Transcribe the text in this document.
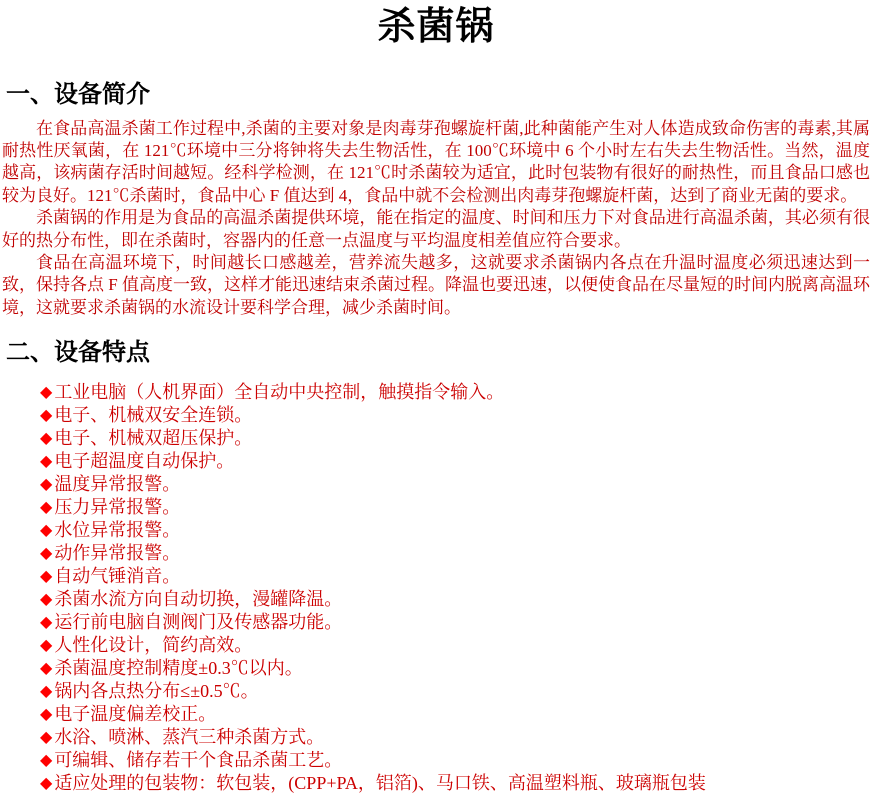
杀菌锅
一、设备简介

在食品高温杀菌工作过程中,杀菌的主要对象是肉毒芽孢螺旋杆菌,此种菌能产生对人体造成致命伤害的毒素,其属耐热性厌氧菌，在 121℃环境中三分将钟将失去生物活性，在 100℃环境中 6 个小时左右失去生物活性。当然，温度越高，该病菌存活时间越短。经科学检测，在 121℃时杀菌较为适宜，此时包装物有很好的耐热性，而且食品口感也较为良好。121℃杀菌时，食品中心 F 值达到 4，食品中就不会检测出肉毒芽孢螺旋杆菌，达到了商业无菌的要求。

杀菌锅的作用是为食品的高温杀菌提供环境，能在指定的温度、时间和压力下对食品进行高温杀菌，其必须有很好的热分布性，即在杀菌时，容器内的任意一点温度与平均温度相差值应符合要求。

食品在高温环境下，时间越长口感越差，营养流失越多，这就要求杀菌锅内各点在升温时温度必须迅速达到一致，保持各点 F 值高度一致，这样才能迅速结束杀菌过程。降温也要迅速，以便使食品在尽量短的时间内脱离高温环境，这就要求杀菌锅的水流设计要科学合理，减少杀菌时间。

二、设备特点
◆ 工业电脑（人机界面）全自动中央控制，触摸指令输入。
◆ 电子、机械双安全连锁。
◆ 电子、机械双超压保护。
◆ 电子超温度自动保护。
◆ 温度异常报警。
◆ 压力异常报警。
◆ 水位异常报警。
◆ 动作异常报警。
◆ 自动气锤消音。
◆ 杀菌水流方向自动切换，漫罐降温。
◆ 运行前电脑自测阀门及传感器功能。
◆ 人性化设计，简约高效。
◆ 杀菌温度控制精度±0.3℃以内。
◆ 锅内各点热分布≤±0.5℃。
◆ 电子温度偏差校正。
◆ 水浴、喷淋、蒸汽三种杀菌方式。
◆ 可编辑、储存若干个食品杀菌工艺。
◆ 适应处理的包装物：软包装，(CPP+PA，铝箔)、马口铁、高温塑料瓶、玻璃瓶包装
